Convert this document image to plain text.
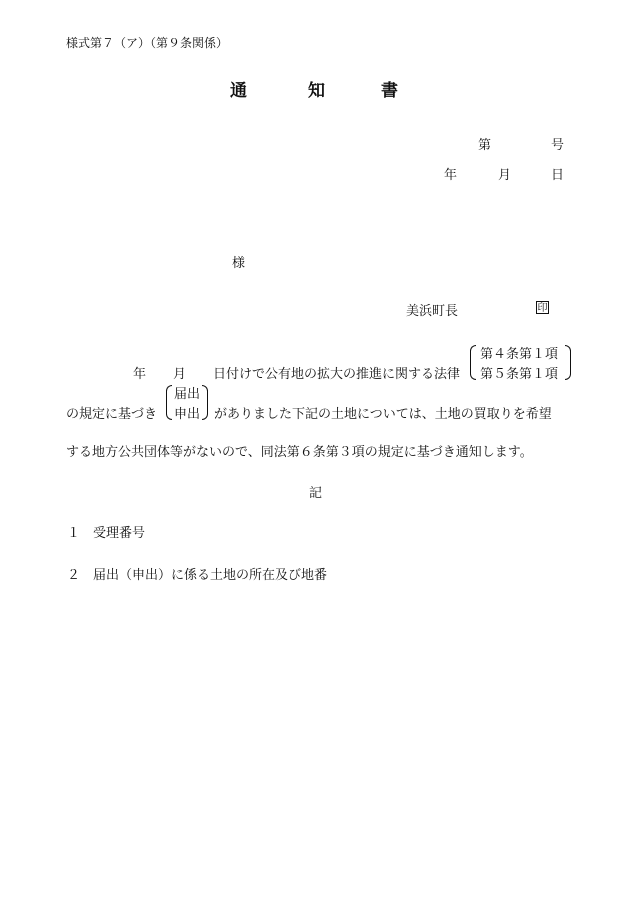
様式第７（ア）（第９条関係）
通	知	書
第	号
年	月	日
様
美浜町長	印
年 月 日付けで公有地の拡大の推進に関する法律
第４条第１項
第５条第１項
の規定に基づき
届出
申出 がありました下記の土地については、土地の買取りを希望
する地方公共団体等がないので、同法第６条第３項の規定に基づき通知します。
記
１ 受理番号
２ 届出（申出）に係る土地の所在及び地番
